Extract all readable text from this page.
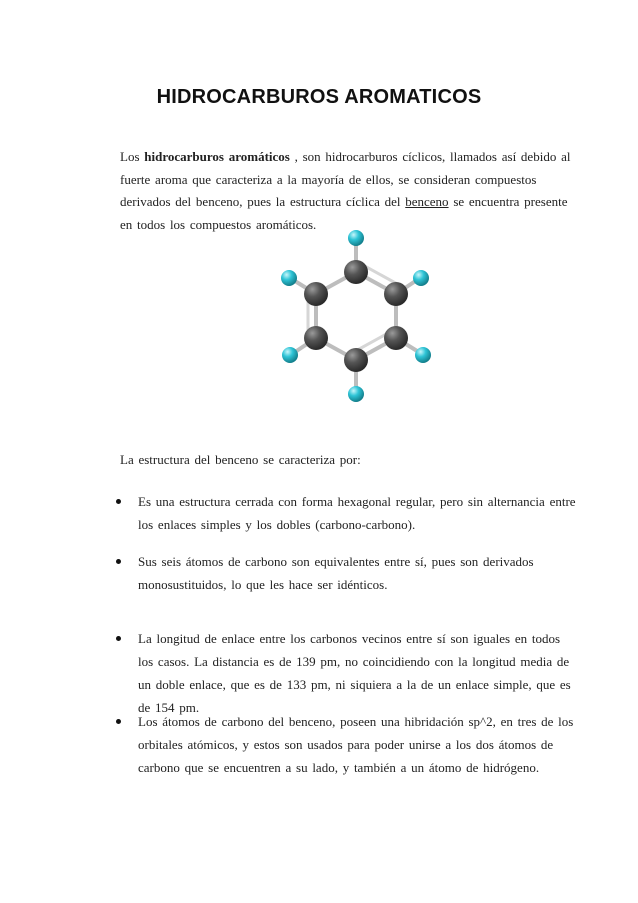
HIDROCARBUROS AROMATICOS

Los hidrocarburos aromáticos , son hidrocarburos cíclicos, llamados así debido al fuerte aroma que caracteriza a la mayoría de ellos, se consideran compuestos derivados del benceno, pues la estructura cíclica del benceno se encuentra presente en todos los compuestos aromáticos.

La estructura del benceno se caracteriza por:

Es una estructura cerrada con forma hexagonal regular, pero sin alternancia entre los enlaces simples y los dobles (carbono-carbono).

Sus seis átomos de carbono son equivalentes entre sí, pues son derivados monosustituidos, lo que les hace ser idénticos.

La longitud de enlace entre los carbonos vecinos entre sí son iguales en todos los casos. La distancia es de 139 pm, no coincidiendo con la longitud media de un doble enlace, que es de 133 pm, ni siquiera a la de un enlace simple, que es de 154 pm.

Los átomos de carbono del benceno, poseen una hibridación sp^2, en tres de los orbitales atómicos, y estos son usados para poder unirse a los dos átomos de carbono que se encuentren a su lado, y también a un átomo de hidrógeno.
